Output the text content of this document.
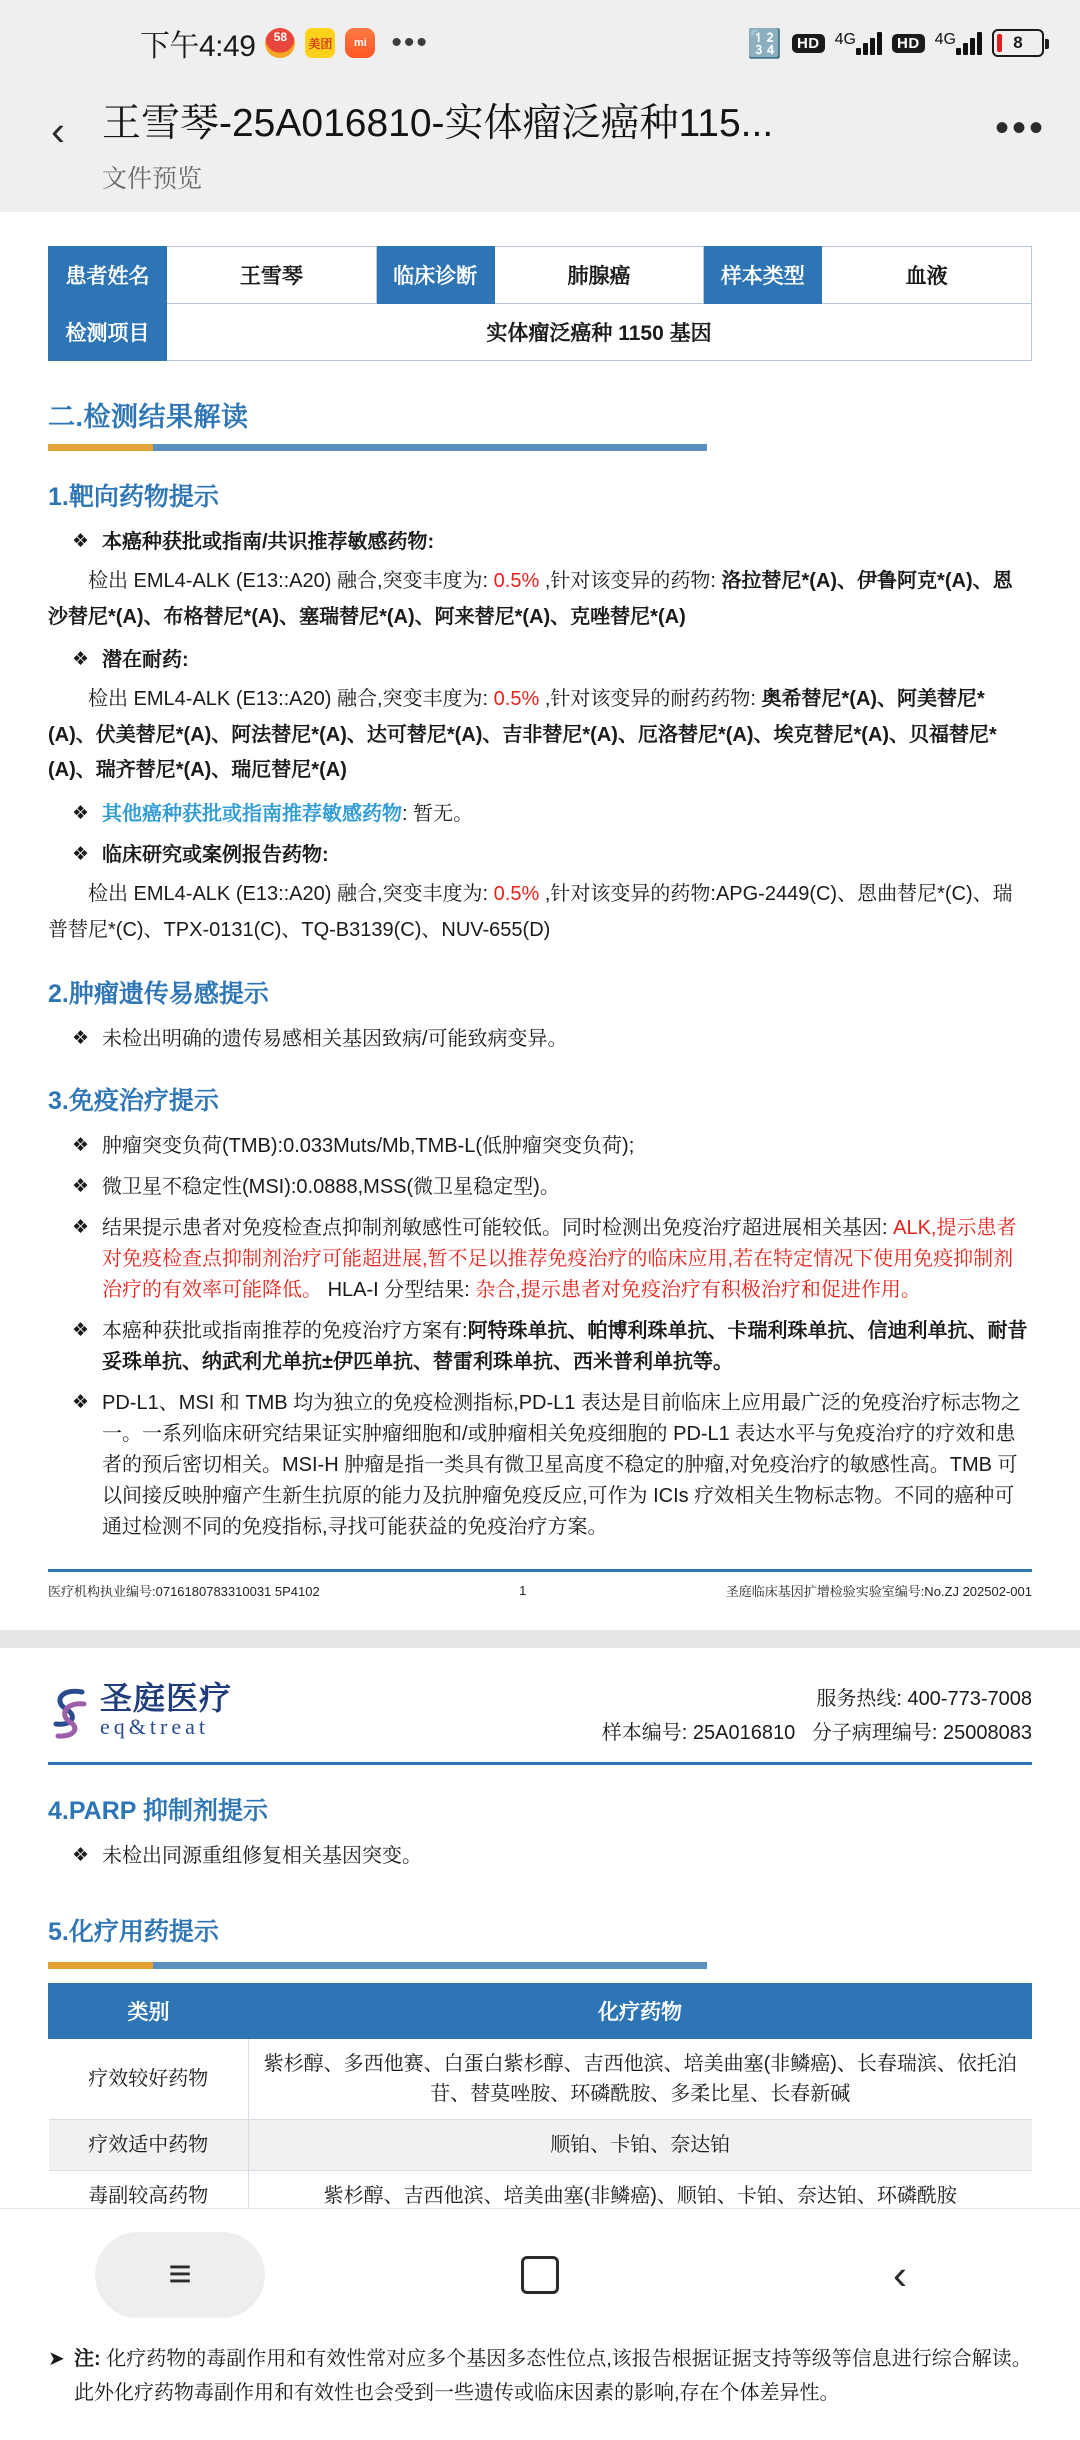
下午4:49	58	美团 mi •••	🔢	HD 4G	HD 4G	8
‹ 王雪琴-25A016810-实体瘤泛癌种115...
文件预览
•••
患者姓名	王雪琴	临床诊断	肺腺癌	样本类型	血液
检测项目	实体瘤泛癌种 1150 基因				
二.检测结果解读
1.靶向药物提示
❖ 本癌种获批或指南/共识推荐敏感药物:
检出 EML4-ALK (E13::A20) 融合,突变丰度为: 0.5% ,针对该变异的药物: 洛拉替尼*(A)、伊鲁阿克*(A)、恩沙替尼*(A)、布格替尼*(A)、塞瑞替尼*(A)、阿来替尼*(A)、克唑替尼*(A)
❖ 潜在耐药:
检出 EML4-ALK (E13::A20) 融合,突变丰度为: 0.5% ,针对该变异的耐药药物: 奥希替尼*(A)、阿美替尼*(A)、伏美替尼*(A)、阿法替尼*(A)、达可替尼*(A)、吉非替尼*(A)、厄洛替尼*(A)、埃克替尼*(A)、贝福替尼*(A)、瑞齐替尼*(A)、瑞厄替尼*(A)
❖ 其他癌种获批或指南推荐敏感药物: 暂无。
❖ 临床研究或案例报告药物:
检出 EML4-ALK (E13::A20) 融合,突变丰度为: 0.5% ,针对该变异的药物:APG-2449(C)、恩曲替尼*(C)、瑞普替尼*(C)、TPX-0131(C)、TQ-B3139(C)、NUV-655(D)
2.肿瘤遗传易感提示
❖ 未检出明确的遗传易感相关基因致病/可能致病变异。
3.免疫治疗提示
❖ 肿瘤突变负荷(TMB):0.033Muts/Mb,TMB-L(低肿瘤突变负荷);
❖ 微卫星不稳定性(MSI):0.0888,MSS(微卫星稳定型)。
❖ 结果提示患者对免疫检查点抑制剂敏感性可能较低。同时检测出免疫治疗超进展相关基因: ALK,提示患者对免疫检查点抑制剂治疗可能超进展,暂不足以推荐免疫治疗的临床应用,若在特定情况下使用免疫抑制剂治疗的有效率可能降低。 HLA-I 分型结果: 杂合,提示患者对免疫治疗有积极治疗和促进作用。
❖ 本癌种获批或指南推荐的免疫治疗方案有:阿特珠单抗、帕博利珠单抗、卡瑞利珠单抗、信迪利单抗、耐昔妥珠单抗、纳武利尤单抗±伊匹单抗、替雷利珠单抗、西米普利单抗等。
❖ PD-L1、MSI 和 TMB 均为独立的免疫检测指标,PD-L1 表达是目前临床上应用最广泛的免疫治疗标志物之一。一系列临床研究结果证实肿瘤细胞和/或肿瘤相关免疫细胞的 PD-L1 表达水平与免疫治疗的疗效和患者的预后密切相关。MSI-H 肿瘤是指一类具有微卫星高度不稳定的肿瘤,对免疫治疗的敏感性高。TMB 可以间接反映肿瘤产生新生抗原的能力及抗肿瘤免疫反应,可作为 ICIs 疗效相关生物标志物。不同的癌种可通过检测不同的免疫指标,寻找可能获益的免疫治疗方案。
医疗机构执业编号:0716180783310031 5P4102	1	圣庭临床基因扩增检验实验室编号:No.ZJ 202502-001
圣庭医疗
eq&treat
服务热线: 400-773-7008
样本编号: 25A016810 分子病理编号: 25008083
4.PARP 抑制剂提示
❖ 未检出同源重组修复相关基因突变。
5.化疗用药提示
类别	化疗药物
疗效较好药物	紫杉醇、多西他赛、白蛋白紫杉醇、吉西他滨、培美曲塞(非鳞癌)、长春瑞滨、依托泊苷、替莫唑胺、环磷酰胺、多柔比星、长春新碱
疗效适中药物	顺铂、卡铂、奈达铂
毒副较高药物	紫杉醇、吉西他滨、培美曲塞(非鳞癌)、顺铂、卡铂、奈达铂、环磷酰胺

➤ 注: 化疗药物的毒副作用和有效性常对应多个基因多态性位点,该报告根据证据支持等级等信息进行综合解读。此外化疗药物毒副作用和有效性也会受到一些遗传或临床因素的影响,存在个体差异性。
≡	‹
